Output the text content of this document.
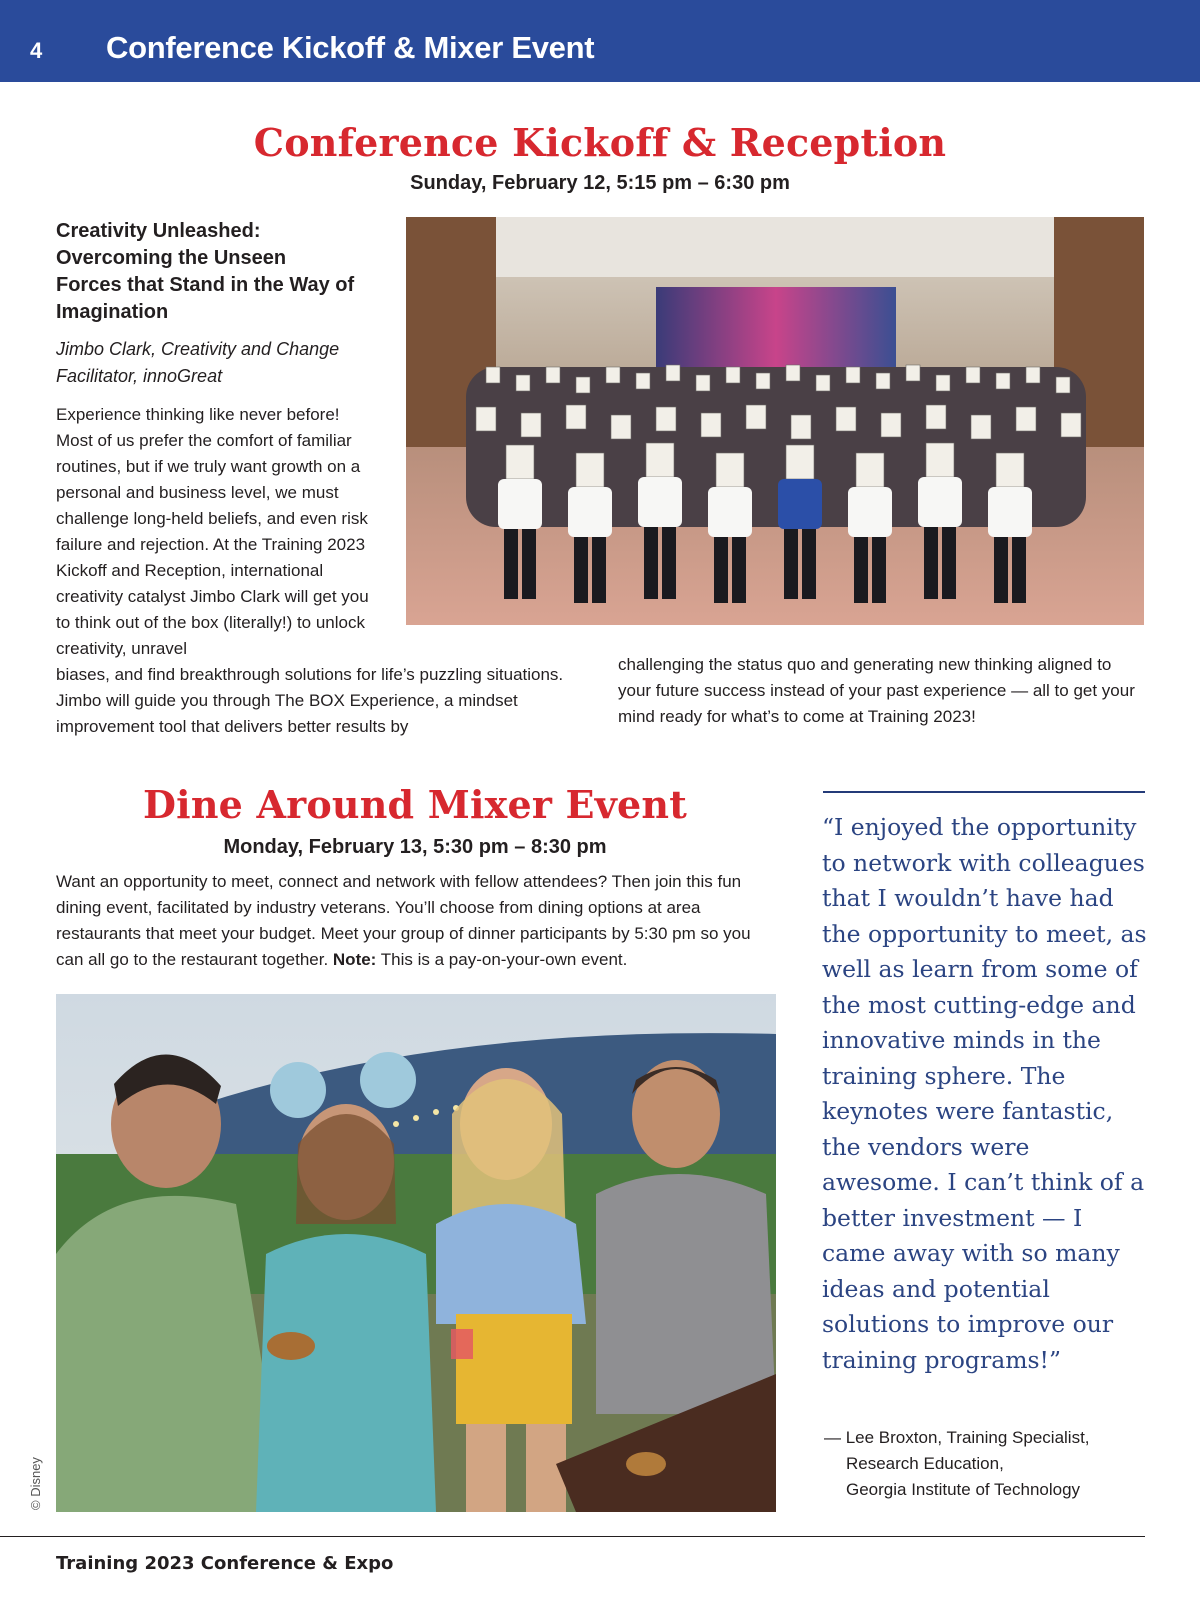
4 Conference Kickoff & Mixer Event
Conference Kickoff & Reception
Sunday, February 12, 5:15 pm – 6:30 pm
Creativity Unleashed: Overcoming the Unseen Forces that Stand in the Way of Imagination
Jimbo Clark, Creativity and Change Facilitator, innoGreat
Experience thinking like never before! Most of us prefer the comfort of familiar routines, but if we truly want growth on a personal and business level, we must challenge long-held beliefs, and even risk failure and rejection. At the Training 2023 Kickoff and Reception, international creativity catalyst Jimbo Clark will get you to think out of the box (literally!) to unlock creativity, unravel
biases, and find breakthrough solutions for life’s puzzling situations. Jimbo will guide you through The BOX Experience, a mindset improvement tool that delivers better results by
challenging the status quo and generating new thinking aligned to your future success instead of your past experience — all to get your mind ready for what’s to come at Training 2023!
Dine Around Mixer Event
Monday, February 13, 5:30 pm – 8:30 pm
Want an opportunity to meet, connect and network with fellow attendees? Then join this fun dining event, facilitated by industry veterans. You’ll choose from dining options at area restaurants that meet your budget. Meet your group of dinner participants by 5:30 pm so you can all go to the restaurant together. Note: This is a pay-on-your-own event.
© Disney
“I enjoyed the opportunity to network with colleagues that I wouldn’t have had the opportunity to meet, as well as learn from some of the most cutting-edge and innovative minds in the training sphere. The keynotes were fantastic, the vendors were awesome. I can’t think of a better investment — I came away with so many ideas and potential solutions to improve our training programs!”
— Lee Broxton, Training Specialist,
Research Education,
Georgia Institute of Technology
Training 2023 Conference & Expo
